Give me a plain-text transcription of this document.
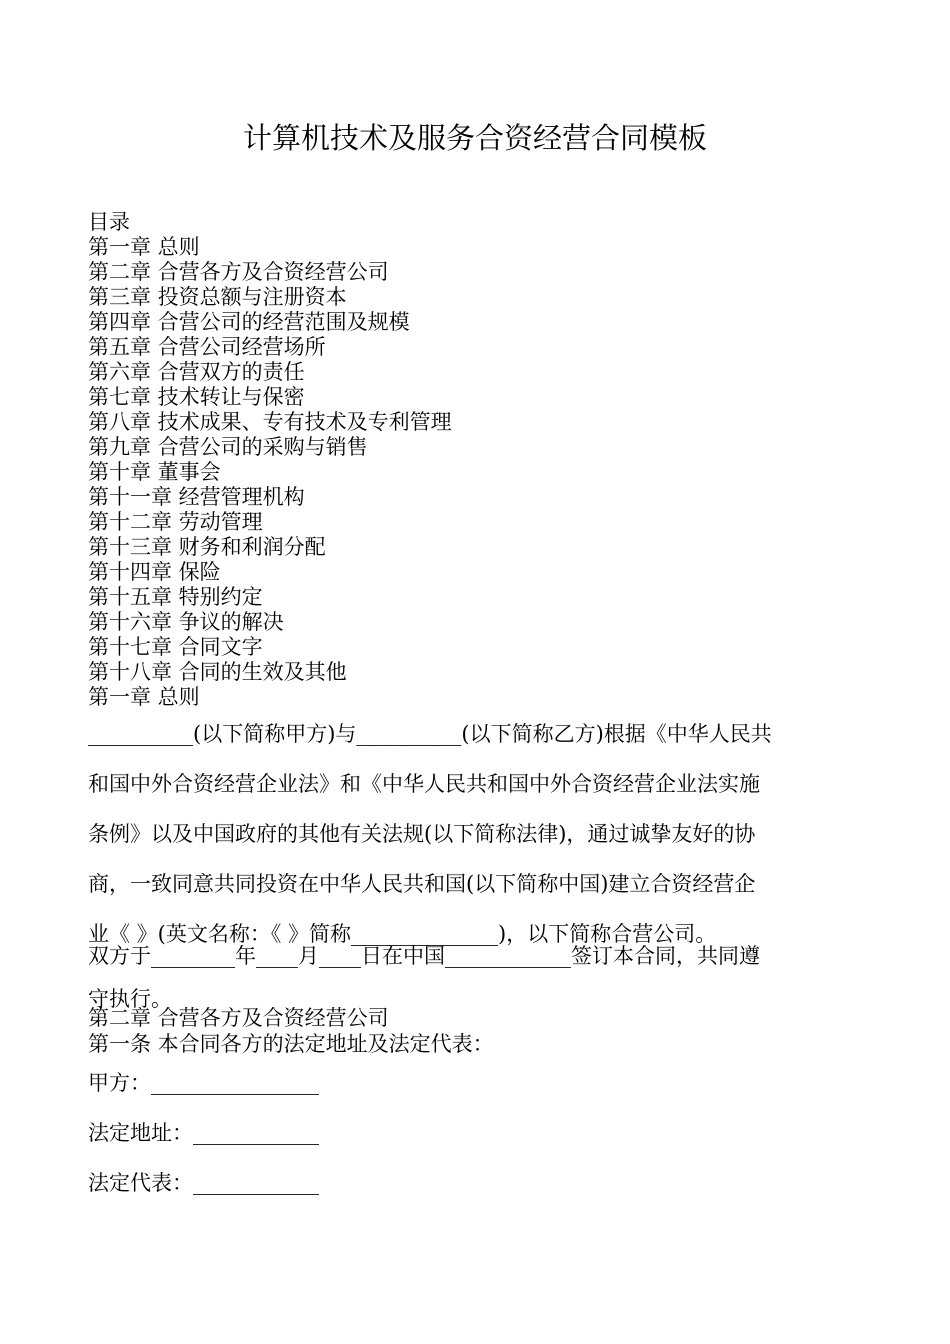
计算机技术及服务合资经营合同模板
目录
第一章 总则
第二章 合营各方及合资经营公司
第三章 投资总额与注册资本
第四章 合营公司的经营范围及规模
第五章 合营公司经营场所
第六章 合营双方的责任
第七章 技术转让与保密
第八章 技术成果、专有技术及专利管理
第九章 合营公司的采购与销售
第十章 董事会
第十一章 经营管理机构
第十二章 劳动管理
第十三章 财务和利润分配
第十四章 保险
第十五章 特别约定
第十六章 争议的解决
第十七章 合同文字
第十八章 合同的生效及其他
第一章 总则
__________(以下简称甲方)与__________(以下简称乙方)根据《中华人民共
和国中外合资经营企业法》和《中华人民共和国中外合资经营企业法实施
条例》以及中国政府的其他有关法规(以下简称法律)，通过诚挚友好的协
商，一致同意共同投资在中华人民共和国(以下简称中国)建立合资经营企
业《 》(英文名称：《 》简称______________)，以下简称合营公司。
双方于________年____月____日在中国____________签订本合同，共同遵
守执行。
第二章 合营各方及合资经营公司
第一条 本合同各方的法定地址及法定代表：
甲方：________________
法定地址：____________
法定代表：____________
